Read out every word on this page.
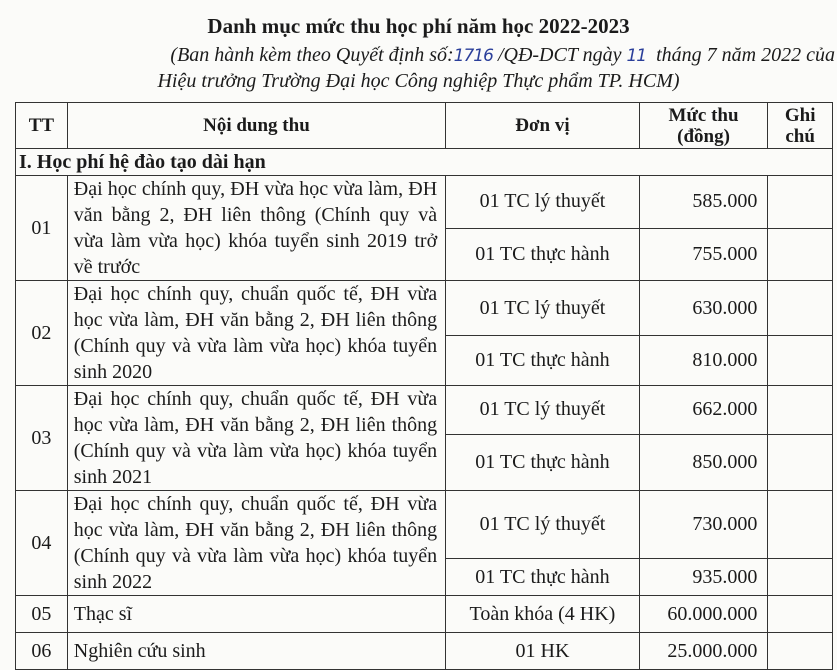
Danh mục mức thu học phí năm học 2022-2023
(Ban hành kèm theo Quyết định số:1716 /QĐ-DCT ngày 11 tháng 7 năm 2022 của
Hiệu trưởng Trường Đại học Công nghiệp Thực phẩm TP. HCM)
TT	Nội dung thu	Đơn vị	Mức thu (đồng)	Ghi chú
I. Học phí hệ đào tạo dài hạn				
01	Đại học chính quy, ĐH vừa học vừa làm, ĐH văn bằng 2, ĐH liên thông (Chính quy và vừa làm vừa học) khóa tuyển sinh 2019 trở về trước	01 TC lý thuyết	585.000	
		01 TC thực hành	755.000	
02	Đại học chính quy, chuẩn quốc tế, ĐH vừa học vừa làm, ĐH văn bằng 2, ĐH liên thông (Chính quy và vừa làm vừa học) khóa tuyển sinh 2020	01 TC lý thuyết	630.000	
		01 TC thực hành	810.000	
03	Đại học chính quy, chuẩn quốc tế, ĐH vừa học vừa làm, ĐH văn bằng 2, ĐH liên thông (Chính quy và vừa làm vừa học) khóa tuyển sinh 2021	01 TC lý thuyết	662.000	
		01 TC thực hành	850.000	
04	Đại học chính quy, chuẩn quốc tế, ĐH vừa học vừa làm, ĐH văn bằng 2, ĐH liên thông (Chính quy và vừa làm vừa học) khóa tuyển sinh 2022	01 TC lý thuyết	730.000	
		01 TC thực hành	935.000	
05	Thạc sĩ	Toàn khóa (4 HK)	60.000.000	
06	Nghiên cứu sinh	01 HK	25.000.000	
